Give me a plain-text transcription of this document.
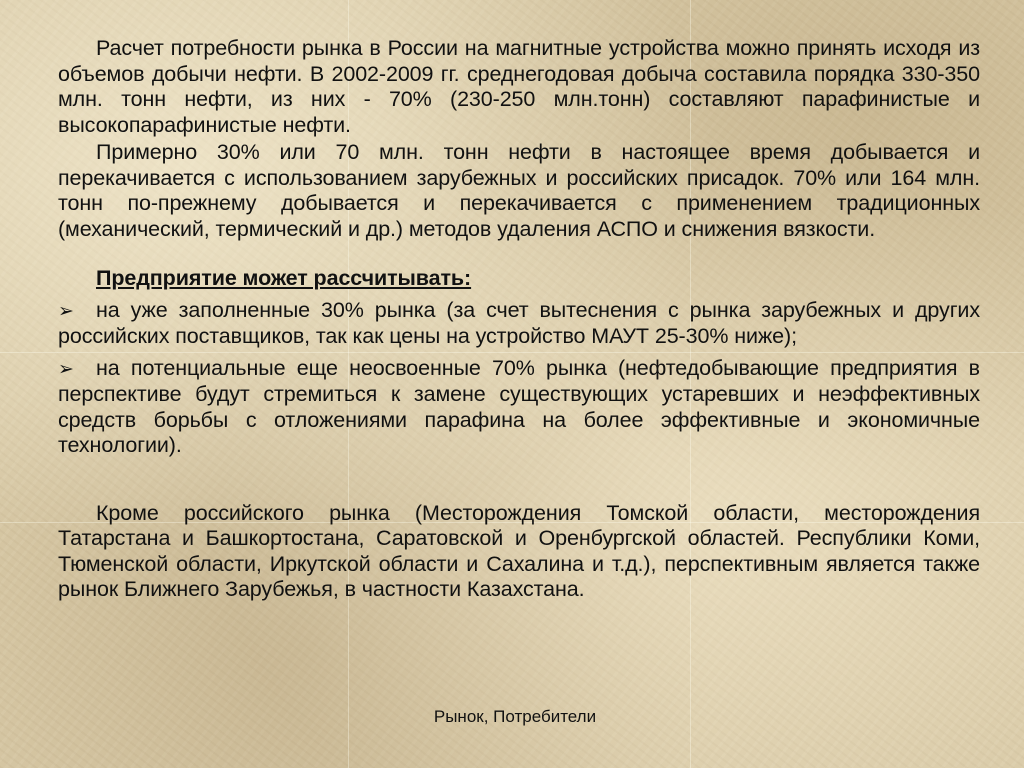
Расчет потребности рынка в России на магнитные устройства можно принять исходя из объемов добычи нефти. В 2002-2009 гг. среднегодовая добыча составила порядка 330-350 млн. тонн нефти, из них - 70% (230-250 млн.тонн) составляют парафинистые и высокопарафинистые нефти.

Примерно 30% или 70 млн. тонн нефти в настоящее время добывается и перекачивается с использованием зарубежных и российских присадок. 70% или 164 млн. тонн по-прежнему добывается и перекачивается с применением традиционных (механический, термический и др.) методов удаления АСПО и снижения вязкости.

Предприятие может рассчитывать:

➢ на уже заполненные 30% рынка (за счет вытеснения с рынка зарубежных и других российских поставщиков, так как цены на устройство МАУТ 25-30% ниже);

➢ на потенциальные еще неосвоенные 70% рынка (нефтедобывающие предприятия в перспективе будут стремиться к замене существующих устаревших и неэффективных средств борьбы с отложениями парафина на более эффективные и экономичные технологии).

Кроме российского рынка (Месторождения Томской области, месторождения Татарстана и Башкортостана, Саратовской и Оренбургской областей. Республики Коми, Тюменской области, Иркутской области и Сахалина и т.д.), перспективным является также рынок Ближнего Зарубежья, в частности Казахстана.

Рынок, Потребители
